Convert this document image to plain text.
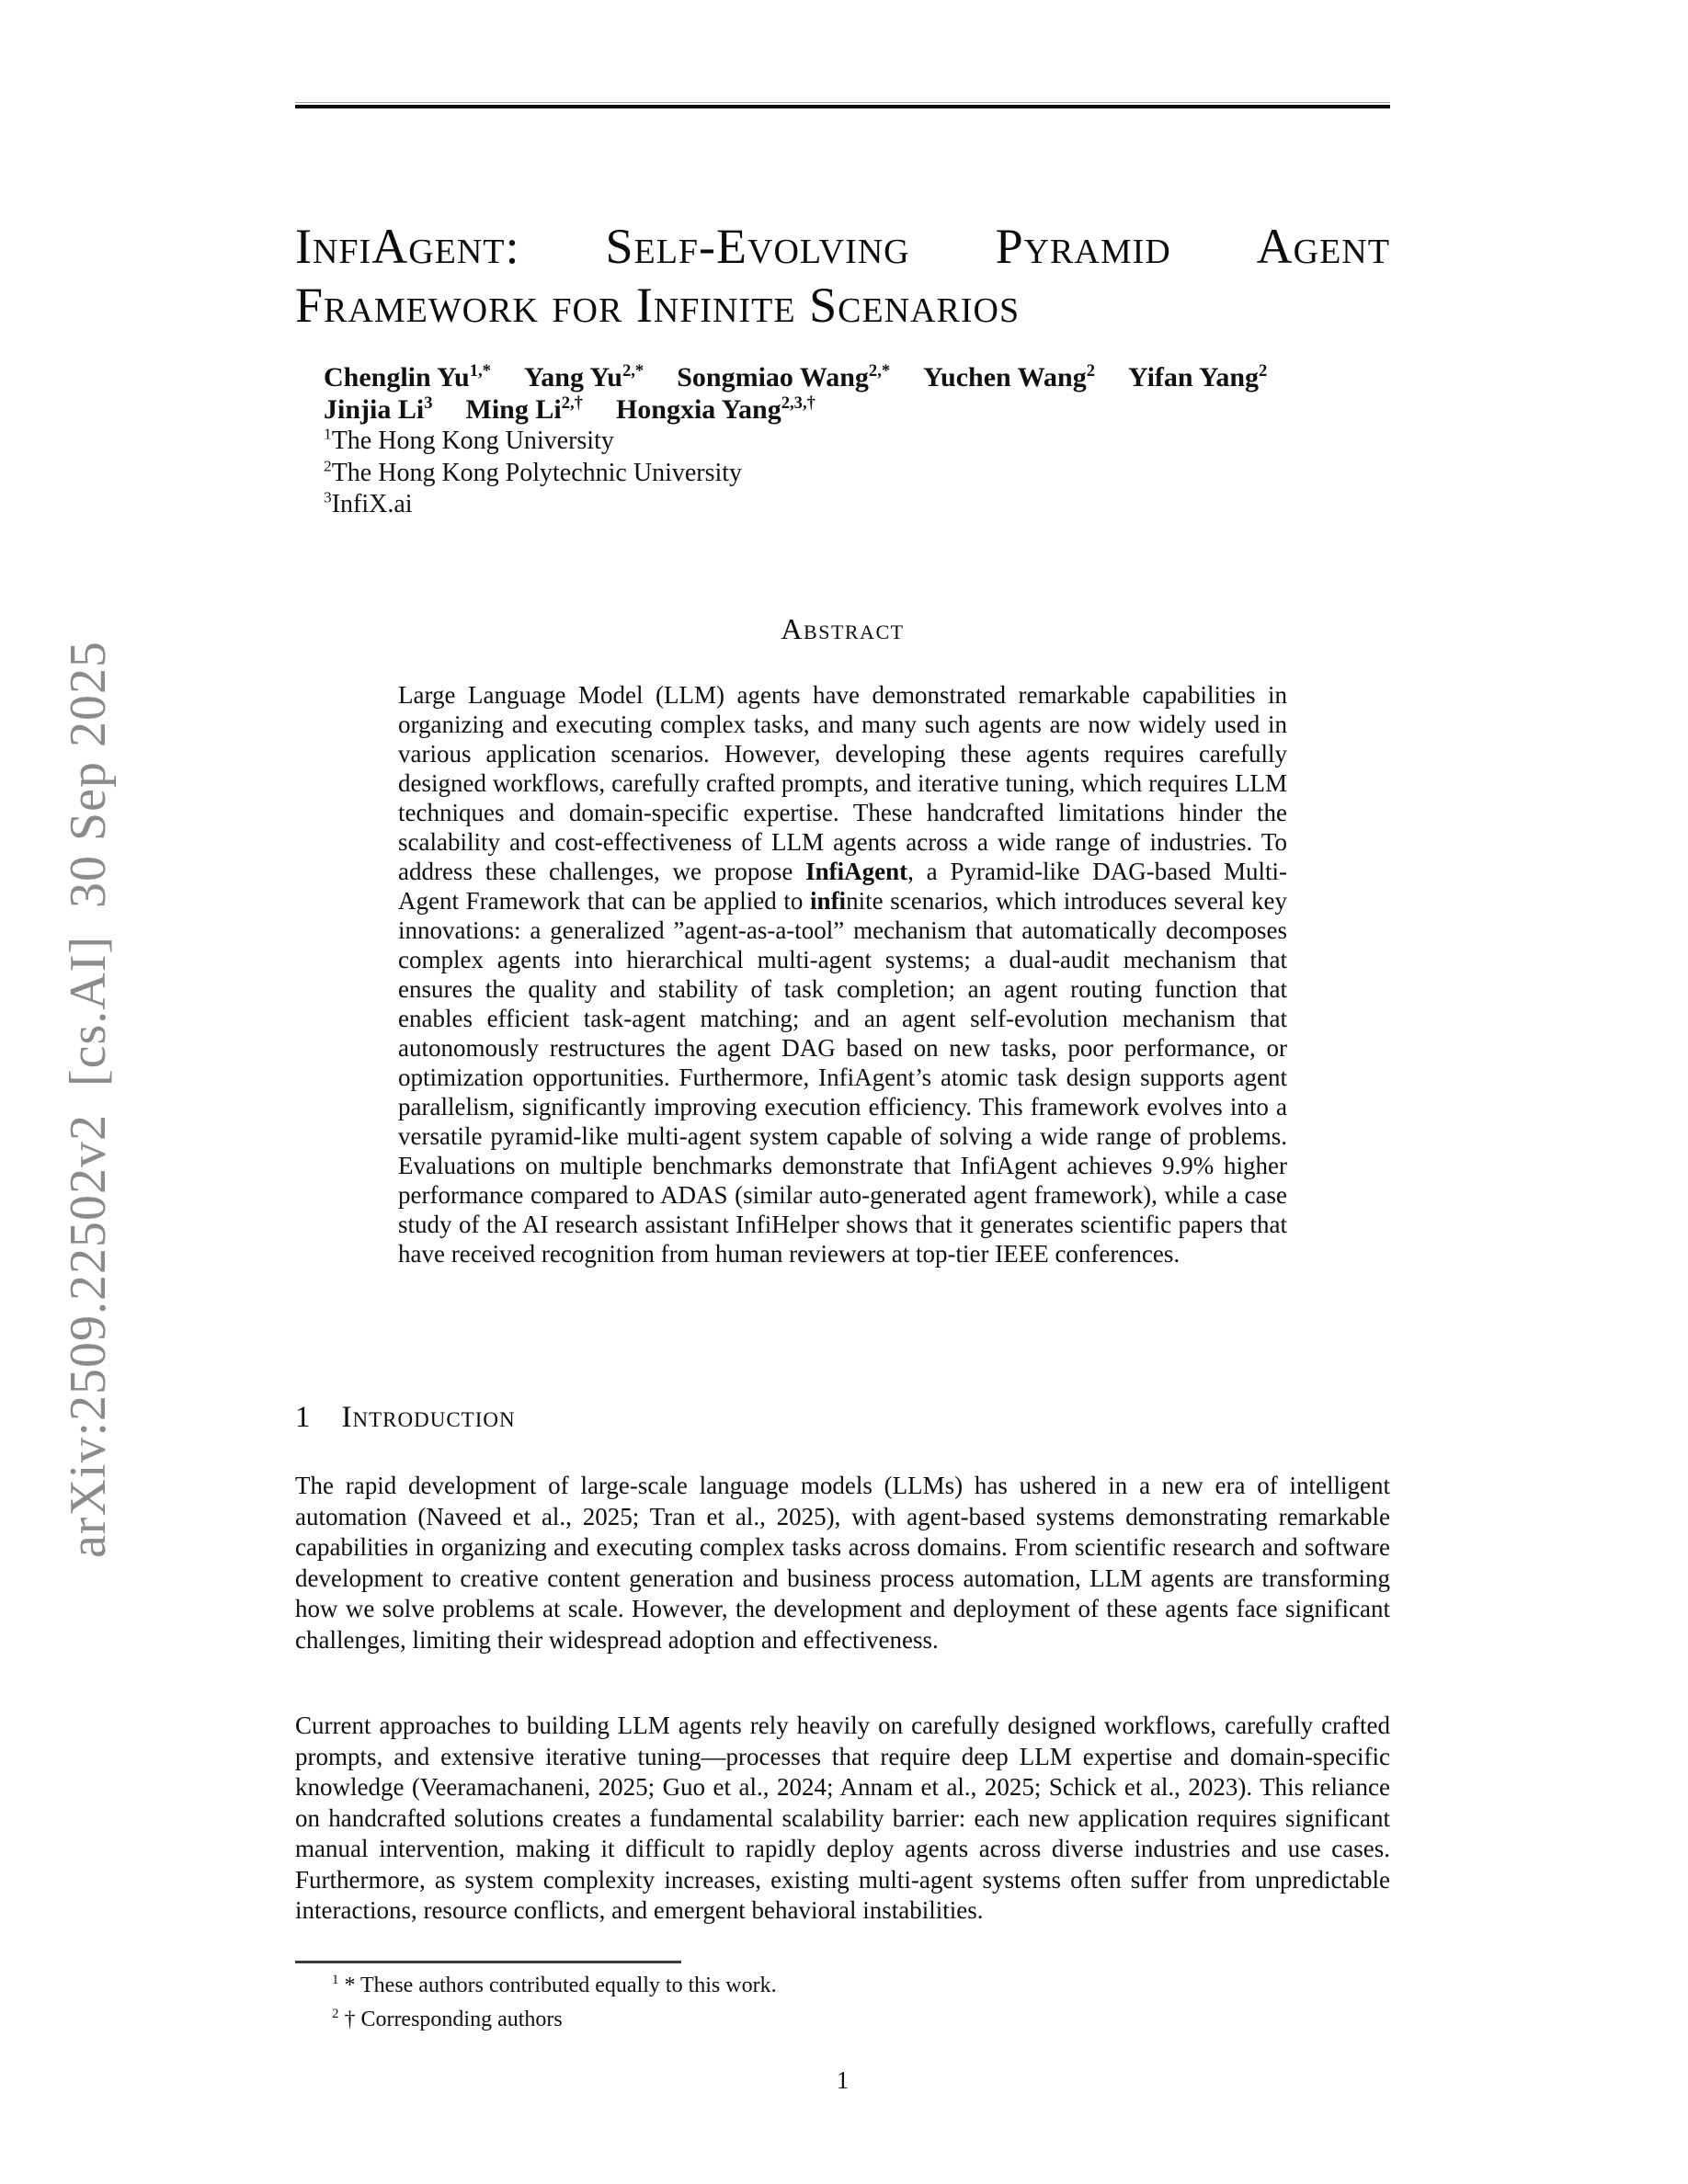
arXiv:2509.22502v2  [cs.AI]  30 Sep 2025
InfiAgent: Self-Evolving Pyramid Agent
Framework for Infinite Scenarios
Chenglin $Yu^{1,*}$ Yang $Yu^{2,*}$ Songmiao Wang$^{2,*}$ Yuchen Wang$^2$ Yifan Yang$^2$
Jinjia Li$^3$ Ming $Li^{2,\dagger}$ Hongxia Yang$^{2,3,\dagger}$
$^1$The Hong Kong University
$^2$The Hong Kong Polytechnic University
$^3$InfiX.ai
Abstract
Large Language Model (LLM) agents have demonstrated remarkable capabilities in organizing and executing complex tasks, and many such agents are now widely used in various application scenarios. However, developing these agents requires carefully designed workflows, carefully crafted prompts, and iterative tuning, which requires LLM techniques and domain-specific expertise. These handcrafted limitations hinder the scalability and cost-effectiveness of LLM agents across a wide range of industries. To address these challenges, we propose InfiAgent, a Pyramid-like DAG-based Multi-Agent Framework that can be applied to infinite scenarios, which introduces several key innovations: a generalized ”agent-as-a-tool” mechanism that automatically decomposes complex agents into hierarchical multi-agent systems; a dual-audit mechanism that ensures the quality and stability of task completion; an agent routing function that enables efficient task-agent matching; and an agent self-evolution mechanism that autonomously restructures the agent DAG based on new tasks, poor performance, or optimization opportunities. Furthermore, InfiAgent’s atomic task design supports agent parallelism, significantly improving execution efficiency. This framework evolves into a versatile pyramid-like multi-agent system capable of solving a wide range of problems. Evaluations on multiple benchmarks demonstrate that InfiAgent achieves 9.9% higher performance compared to ADAS (similar auto-generated agent framework), while a case study of the AI research assistant InfiHelper shows that it generates scientific papers that have received recognition from human reviewers at top-tier IEEE conferences.
1 Introduction
The rapid development of large-scale language models (LLMs) has ushered in a new era of intelligent automation (Naveed et al., 2025; Tran et al., 2025), with agent-based systems demonstrating remarkable capabilities in organizing and executing complex tasks across domains. From scientific research and software development to creative content generation and business process automation, LLM agents are transforming how we solve problems at scale. However, the development and deployment of these agents face significant challenges, limiting their widespread adoption and effectiveness.
Current approaches to building LLM agents rely heavily on carefully designed workflows, carefully crafted prompts, and extensive iterative tuning—processes that require deep LLM expertise and domain-specific knowledge (Veeramachaneni, 2025; Guo et al., 2024; Annam et al., 2025; Schick et al., 2023). This reliance on handcrafted solutions creates a fundamental scalability barrier: each new application requires significant manual intervention, making it difficult to rapidly deploy agents across diverse industries and use cases. Furthermore, as system complexity increases, existing multi-agent systems often suffer from unpredictable interactions, resource conflicts, and emergent behavioral instabilities.
$^1$ * These authors contributed equally to this work.
$^2$ † Corresponding authors
1
